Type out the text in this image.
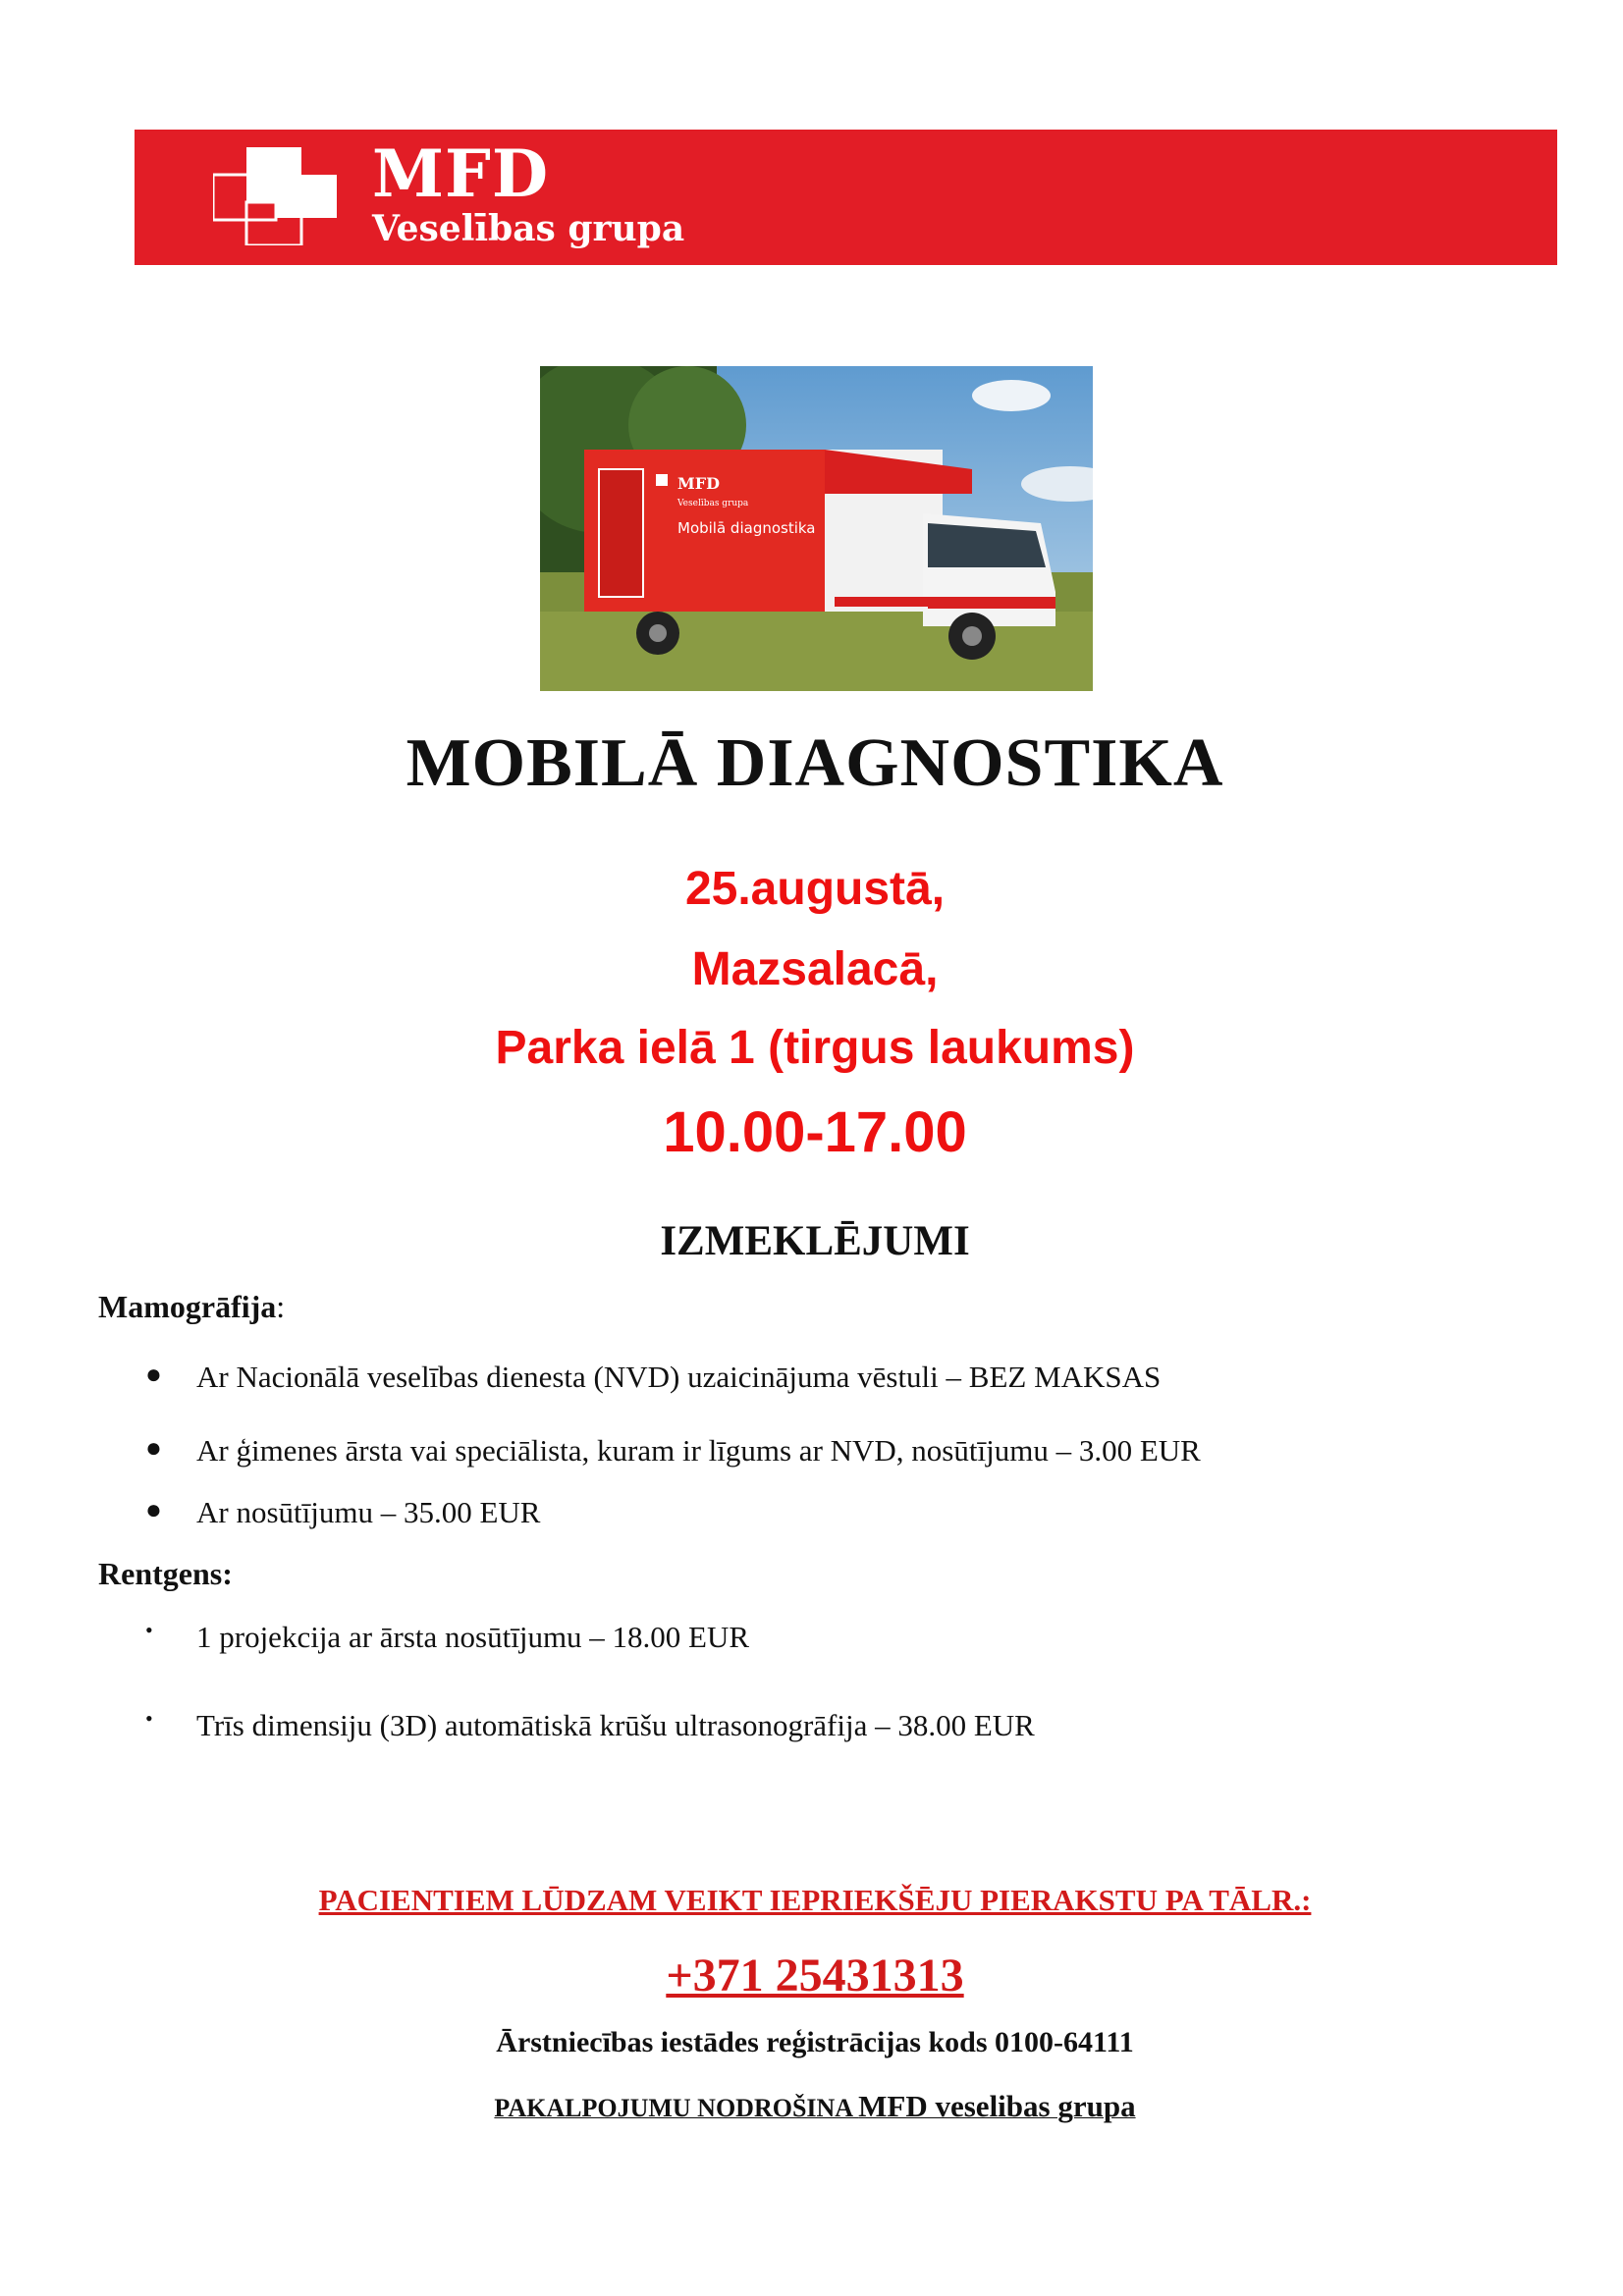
MFD
Veselības grupa
MFD
Veselības grupa
Mobilā diagnostika
MOBILĀ DIAGNOSTIKA
25.augustā,
Mazsalacā,
Parka ielā 1 (tirgus laukums)
10.00-17.00
IZMEKLĒJUMI
Mamogrāfija:
●	Ar Nacionālā veselības dienesta (NVD) uzaicinājuma vēstuli – BEZ MAKSAS
●	Ar ģimenes ārsta vai speciālista, kuram ir līgums ar NVD, nosūtījumu – 3.00 EUR
●	Ar nosūtījumu – 35.00 EUR
Rentgens:
•	1 projekcija ar ārsta nosūtījumu – 18.00 EUR
•	Trīs dimensiju (3D) automātiskā krūšu ultrasonogrāfija – 38.00 EUR
PACIENTIEM LŪDZAM VEIKT IEPRIEKŠĒJU PIERAKSTU PA TĀLR.:
+371 25431313
Ārstniecības iestādes reģistrācijas kods 0100-64111
PAKALPOJUMU NODROŠINA MFD veselibas grupa
